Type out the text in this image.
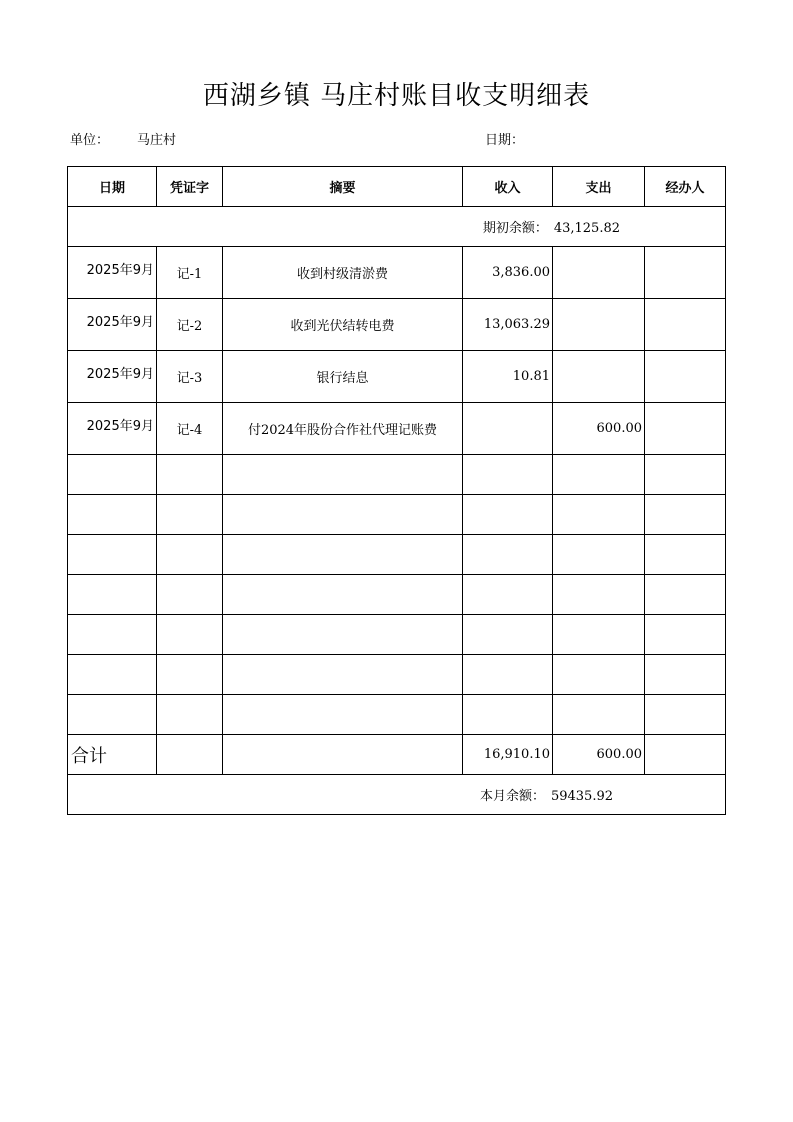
西湖乡镇 马庄村账目收支明细表
单位： 马庄村	日期：
日期	凭证字	摘要	收入	支出	经办人
期初余额： 43,125.82					
2025年9月	记-1	收到村级清淤费	3,836.00		
2025年9月	记-2	收到光伏结转电费	13,063.29		
2025年9月	记-3	银行结息	10.81		
2025年9月	记-4	付2024年股份合作社代理记账费		600.00	

合计			16,910.10	600.00	
本月余额： 59435.92					
